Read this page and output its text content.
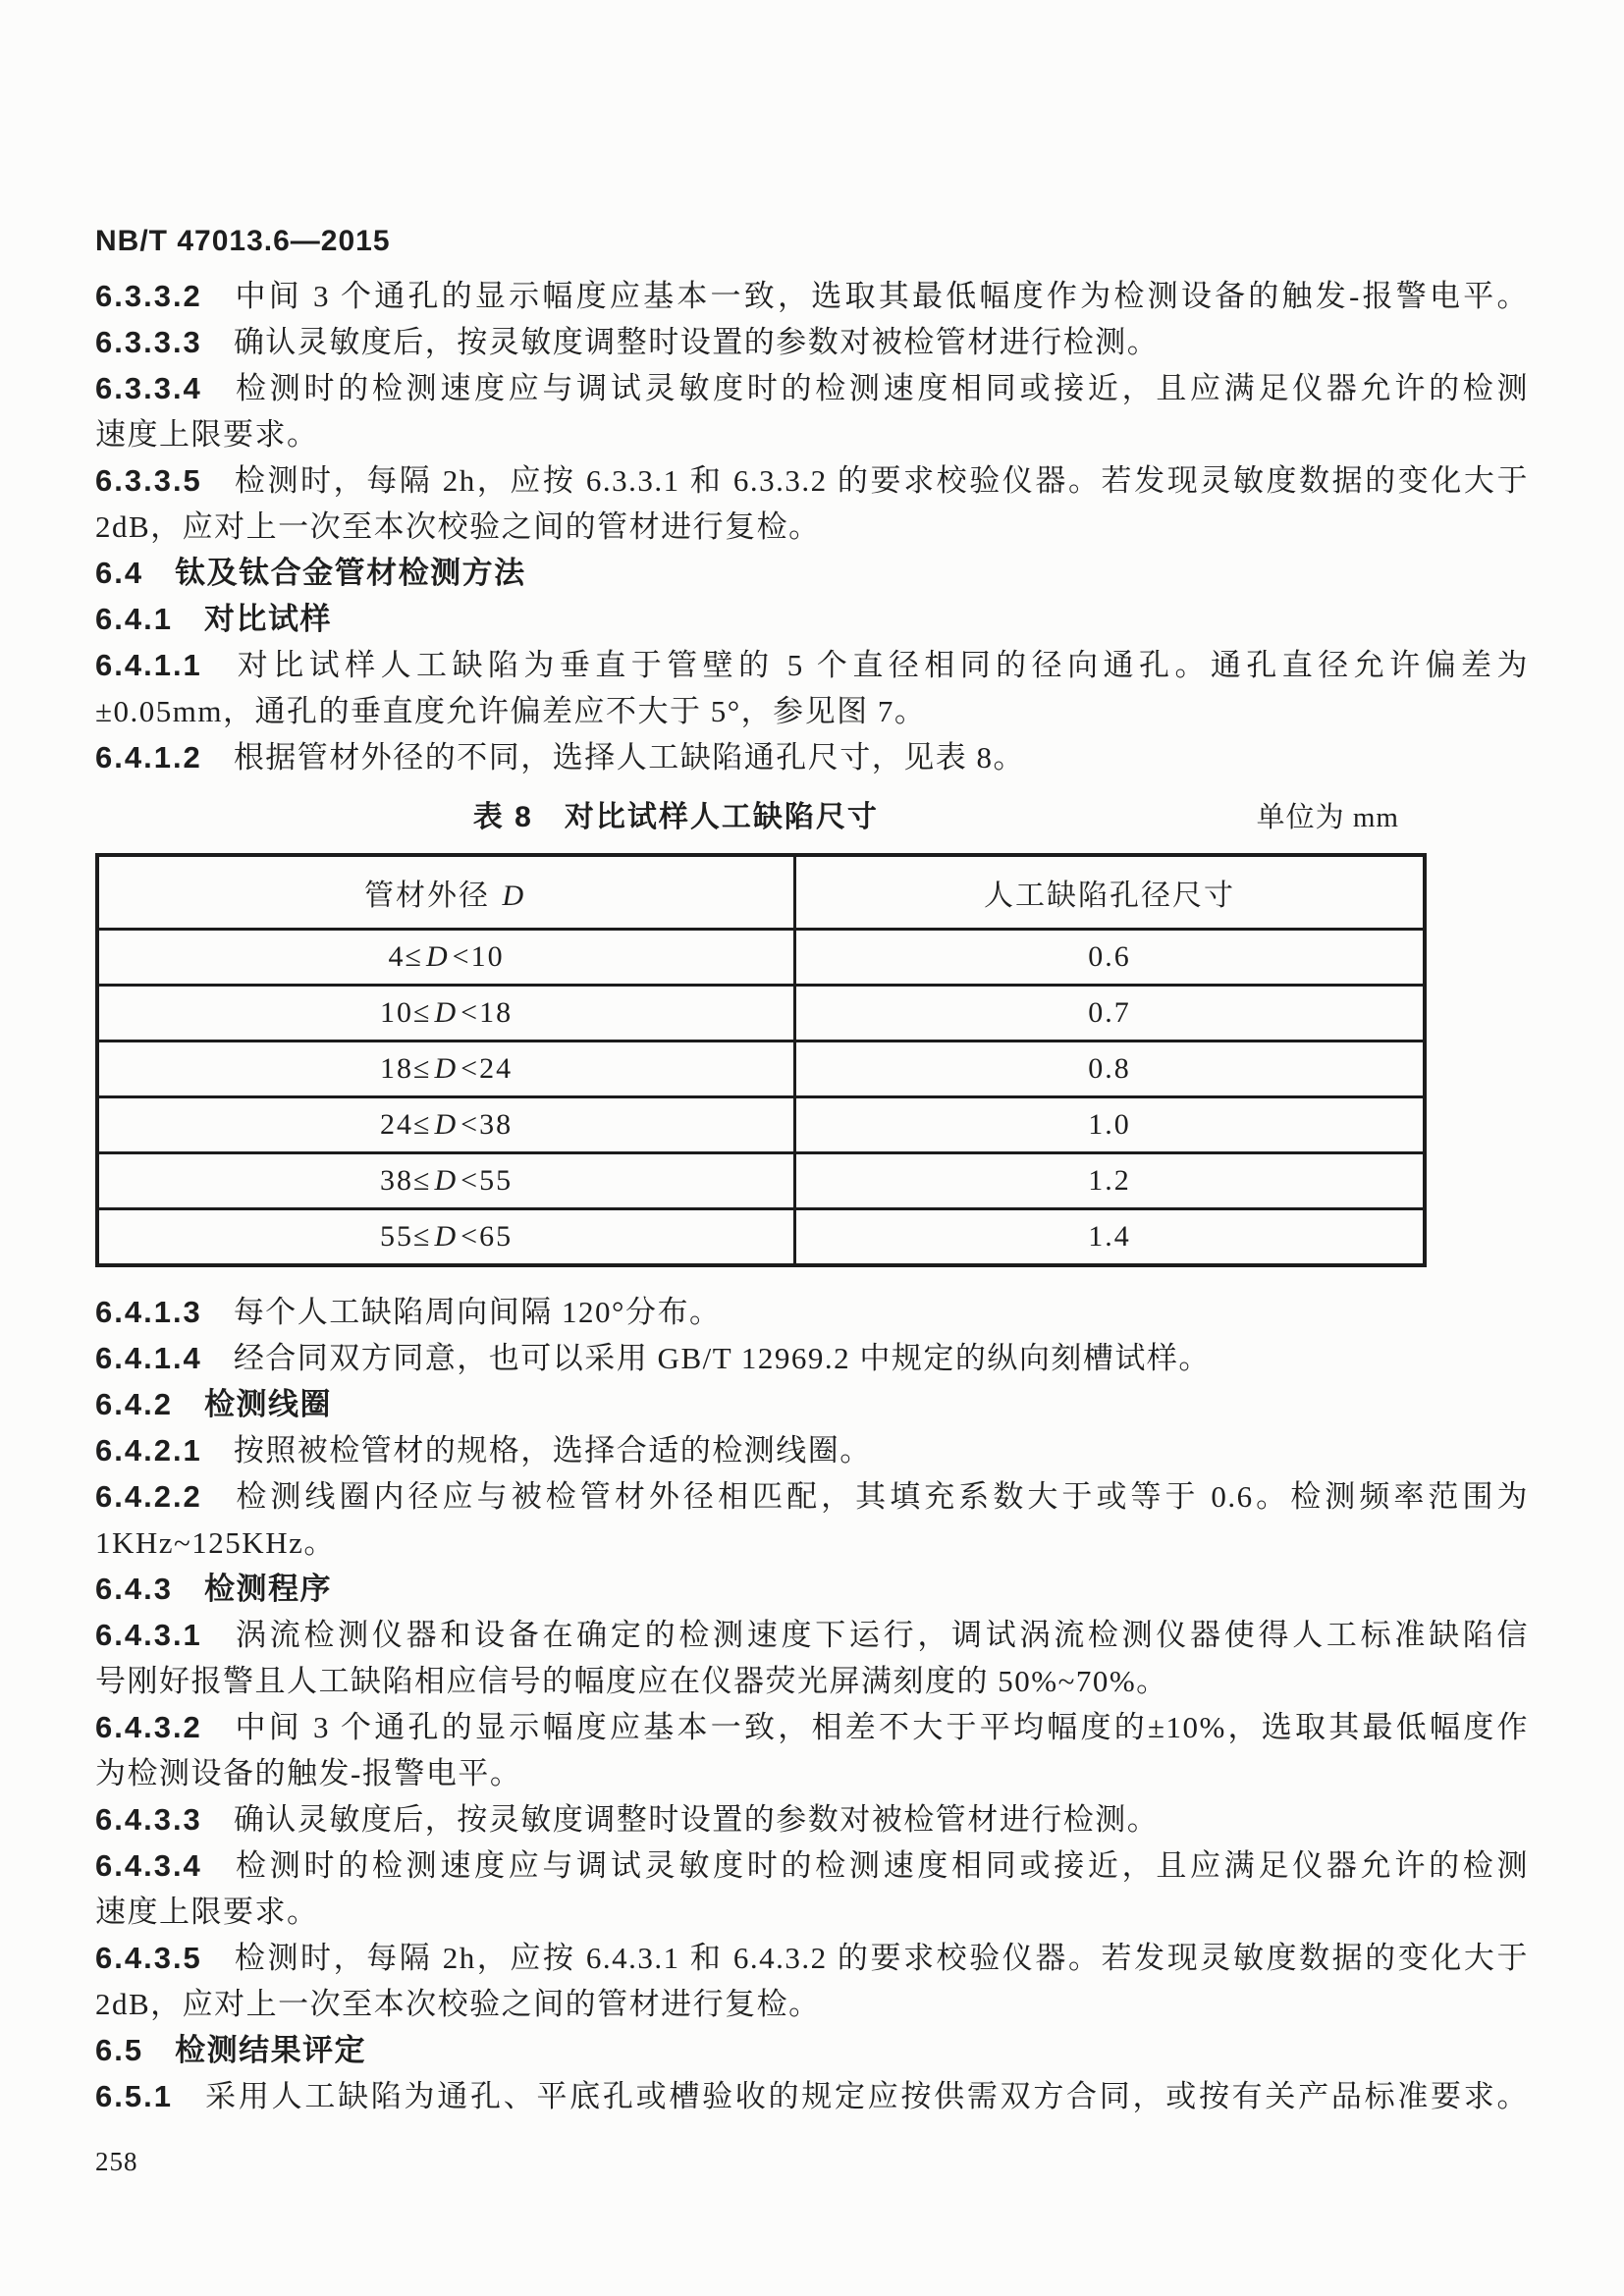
NB/T 47013.6—2015
6.3.3.2 中间 3 个通孔的显示幅度应基本一致，选取其最低幅度作为检测设备的触发-报警电平。
6.3.3.3 确认灵敏度后，按灵敏度调整时设置的参数对被检管材进行检测。
6.3.3.4 检测时的检测速度应与调试灵敏度时的检测速度相同或接近，且应满足仪器允许的检测
速度上限要求。
6.3.3.5 检测时，每隔 2h，应按 6.3.3.1 和 6.3.3.2 的要求校验仪器。若发现灵敏度数据的变化大于
2dB，应对上一次至本次校验之间的管材进行复检。
6.4 钛及钛合金管材检测方法
6.4.1 对比试样
6.4.1.1 对比试样人工缺陷为垂直于管壁的 5 个直径相同的径向通孔。通孔直径允许偏差为
±0.05mm，通孔的垂直度允许偏差应不大于 5°，参见图 7。
6.4.1.2 根据管材外径的不同，选择人工缺陷通孔尺寸，见表 8。
表 8　对比试样人工缺陷尺寸	单位为 mm
管材外径 D	人工缺陷孔径尺寸
4≤ D <10	0.6
10≤ D <18	0.7
18≤ D <24	0.8
24≤ D <38	1.0
38≤ D <55	1.2
55≤ D <65	1.4
6.4.1.3 每个人工缺陷周向间隔 120°分布。
6.4.1.4 经合同双方同意，也可以采用 GB/T 12969.2 中规定的纵向刻槽试样。
6.4.2 检测线圈
6.4.2.1 按照被检管材的规格，选择合适的检测线圈。
6.4.2.2 检测线圈内径应与被检管材外径相匹配，其填充系数大于或等于 0.6。检测频率范围为
1KHz~125KHz。
6.4.3 检测程序
6.4.3.1 涡流检测仪器和设备在确定的检测速度下运行，调试涡流检测仪器使得人工标准缺陷信
号刚好报警且人工缺陷相应信号的幅度应在仪器荧光屏满刻度的 50%~70%。
6.4.3.2 中间 3 个通孔的显示幅度应基本一致，相差不大于平均幅度的±10%，选取其最低幅度作
为检测设备的触发-报警电平。
6.4.3.3 确认灵敏度后，按灵敏度调整时设置的参数对被检管材进行检测。
6.4.3.4 检测时的检测速度应与调试灵敏度时的检测速度相同或接近，且应满足仪器允许的检测
速度上限要求。
6.4.3.5 检测时，每隔 2h，应按 6.4.3.1 和 6.4.3.2 的要求校验仪器。若发现灵敏度数据的变化大于
2dB，应对上一次至本次校验之间的管材进行复检。
6.5 检测结果评定
6.5.1 采用人工缺陷为通孔、平底孔或槽验收的规定应按供需双方合同，或按有关产品标准要求。
258
